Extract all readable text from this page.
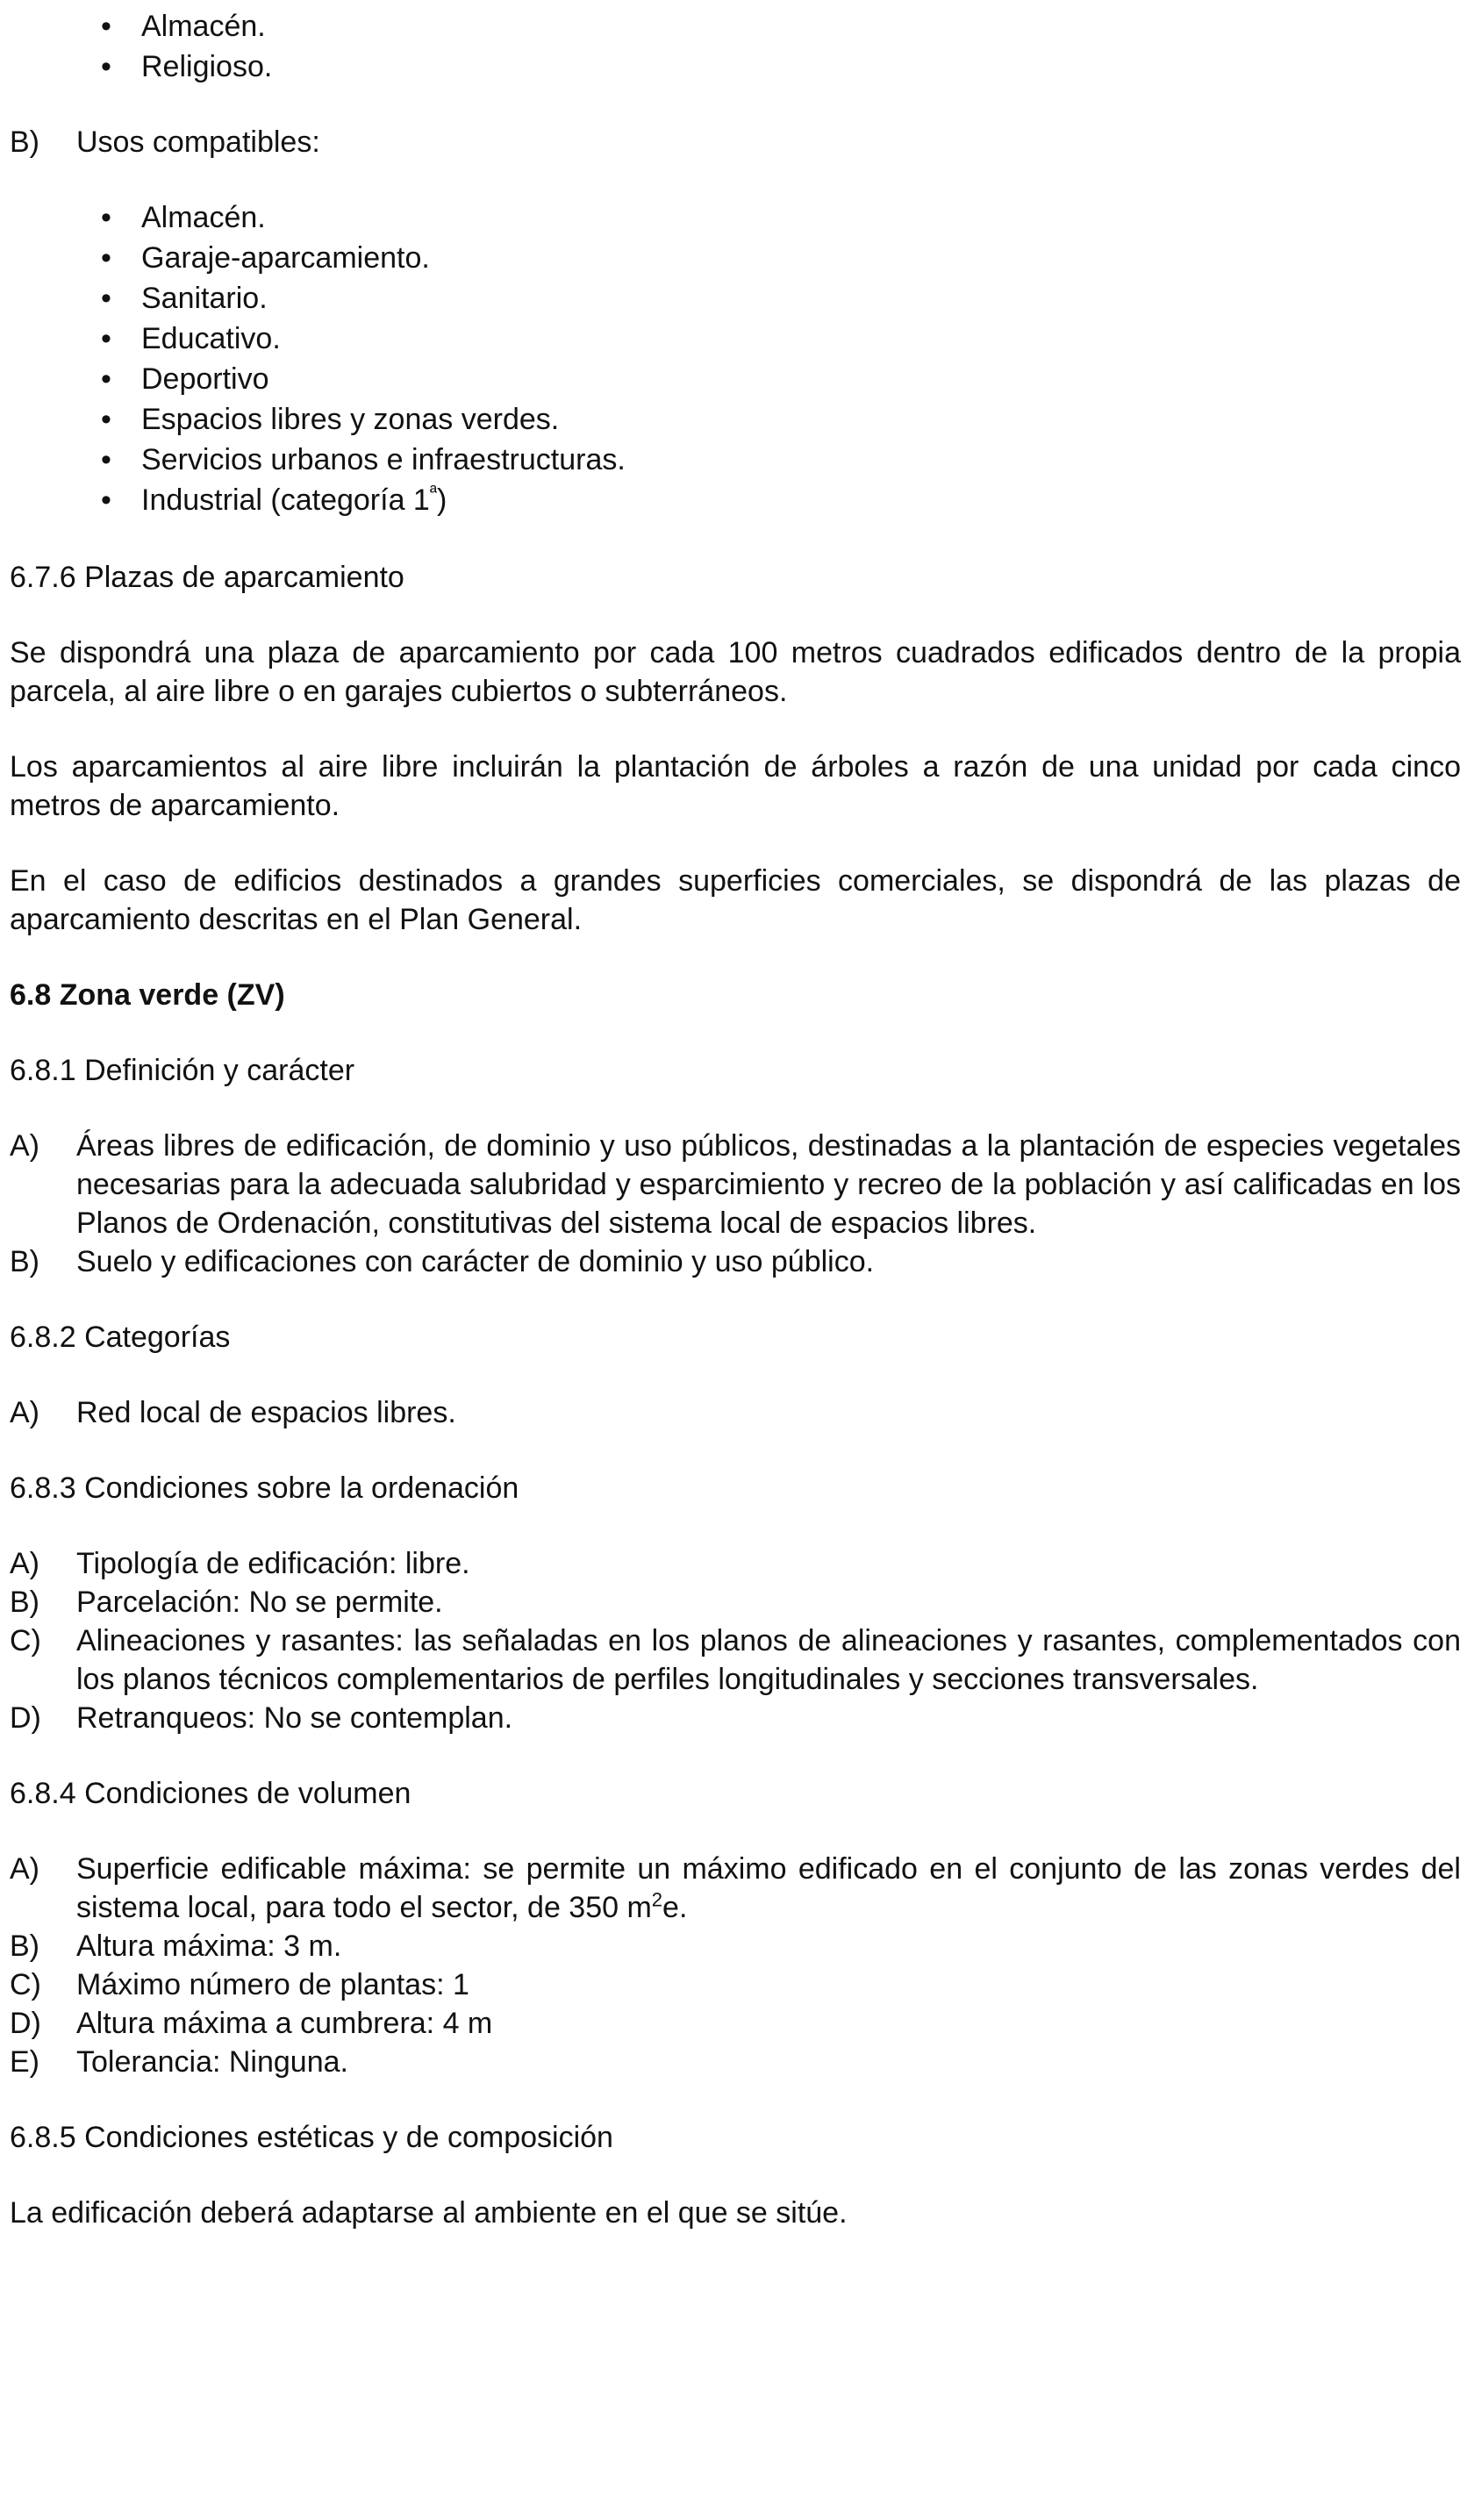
• Almacén.
• Religioso.
B) Usos compatibles:
• Almacén.
• Garaje-aparcamiento.
• Sanitario.
• Educativo.
• Deportivo
• Espacios libres y zonas verdes.
• Servicios urbanos e infraestructuras.
• Industrial (categoría $1^ª$)

6.7.6 Plazas de aparcamiento

Se dispondrá una plaza de aparcamiento por cada 100 metros cuadrados edificados dentro de la propia parcela, al aire libre o en garajes cubiertos o subterráneos.

Los aparcamientos al aire libre incluirán la plantación de árboles a razón de una unidad por cada cinco metros de aparcamiento.

En el caso de edificios destinados a grandes superficies comerciales, se dispondrá de las plazas de aparcamiento descritas en el Plan General.

6.8 Zona verde (ZV)

6.8.1 Definición y carácter

A) Áreas libres de edificación, de dominio y uso públicos, destinadas a la plantación de especies vegetales necesarias para la adecuada salubridad y esparcimiento y recreo de la población y así calificadas en los Planos de Ordenación, constitutivas del sistema local de espacios libres.
B) Suelo y edificaciones con carácter de dominio y uso público.

6.8.2 Categorías

A) Red local de espacios libres.

6.8.3 Condiciones sobre la ordenación

A) Tipología de edificación: libre.
B) Parcelación: No se permite.
C) Alineaciones y rasantes: las señaladas en los planos de alineaciones y rasantes, complementados con los planos técnicos complementarios de perfiles longitudinales y secciones transversales.
D) Retranqueos: No se contemplan.

6.8.4 Condiciones de volumen

A) Superficie edificable máxima: se permite un máximo edificado en el conjunto de las zonas verdes del sistema local, para todo el sector, de 350 $m^2e$.
B) Altura máxima: 3 m.
C) Máximo número de plantas: 1
D) Altura máxima a cumbrera: 4 m
E) Tolerancia: Ninguna.

6.8.5 Condiciones estéticas y de composición

La edificación deberá adaptarse al ambiente en el que se sitúe.
